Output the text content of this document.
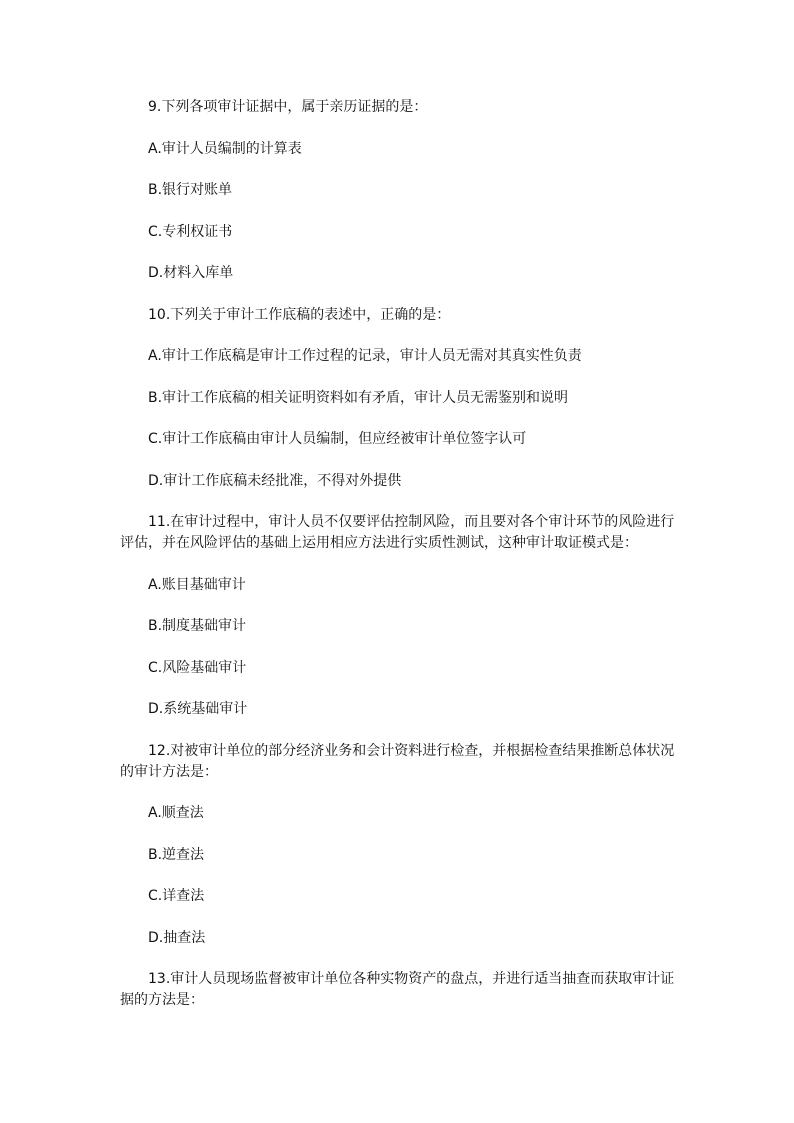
9.下列各项审计证据中，属于亲历证据的是：
A.审计人员编制的计算表
B.银行对账单
C.专利权证书
D.材料入库单
10.下列关于审计工作底稿的表述中，正确的是：
A.审计工作底稿是审计工作过程的记录，审计人员无需对其真实性负责
B.审计工作底稿的相关证明资料如有矛盾，审计人员无需鉴别和说明
C.审计工作底稿由审计人员编制，但应经被审计单位签字认可
D.审计工作底稿未经批准，不得对外提供
11.在审计过程中，审计人员不仅要评估控制风险，而且要对各个审计环节的风险进行
评估，并在风险评估的基础上运用相应方法进行实质性测试，这种审计取证模式是：
A.账目基础审计
B.制度基础审计
C.风险基础审计
D.系统基础审计
12.对被审计单位的部分经济业务和会计资料进行检查，并根据检查结果推断总体状况
的审计方法是：
A.顺查法
B.逆查法
C.详查法
D.抽查法
13.审计人员现场监督被审计单位各种实物资产的盘点，并进行适当抽查而获取审计证
据的方法是：
